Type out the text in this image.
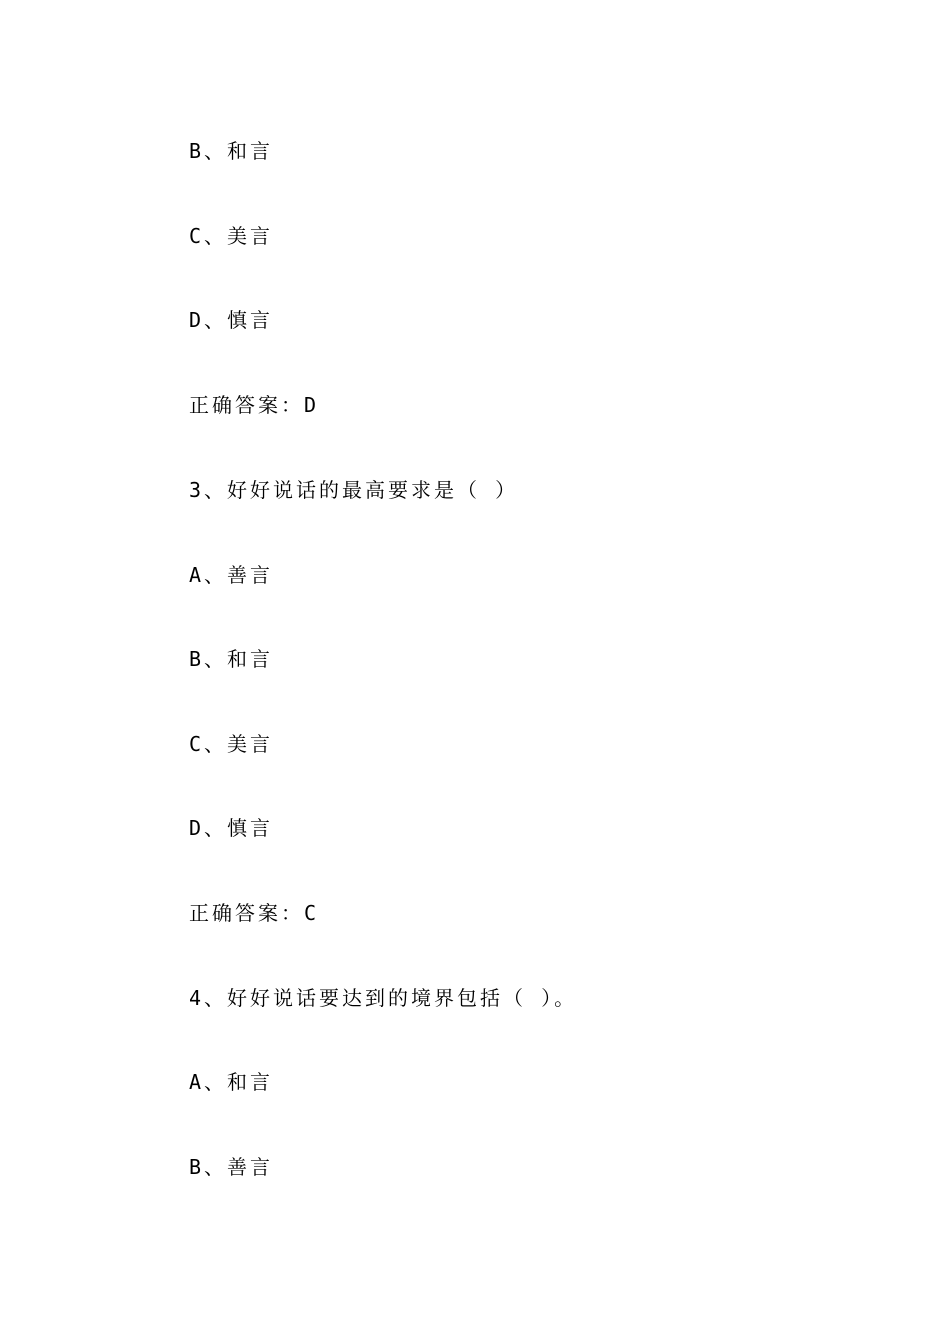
B、和言
C、美言
D、慎言
正确答案：D
3、好好说话的最高要求是（ ）
A、善言
B、和言
C、美言
D、慎言
正确答案：C
4、好好说话要达到的境界包括（ ）。
A、和言
B、善言
